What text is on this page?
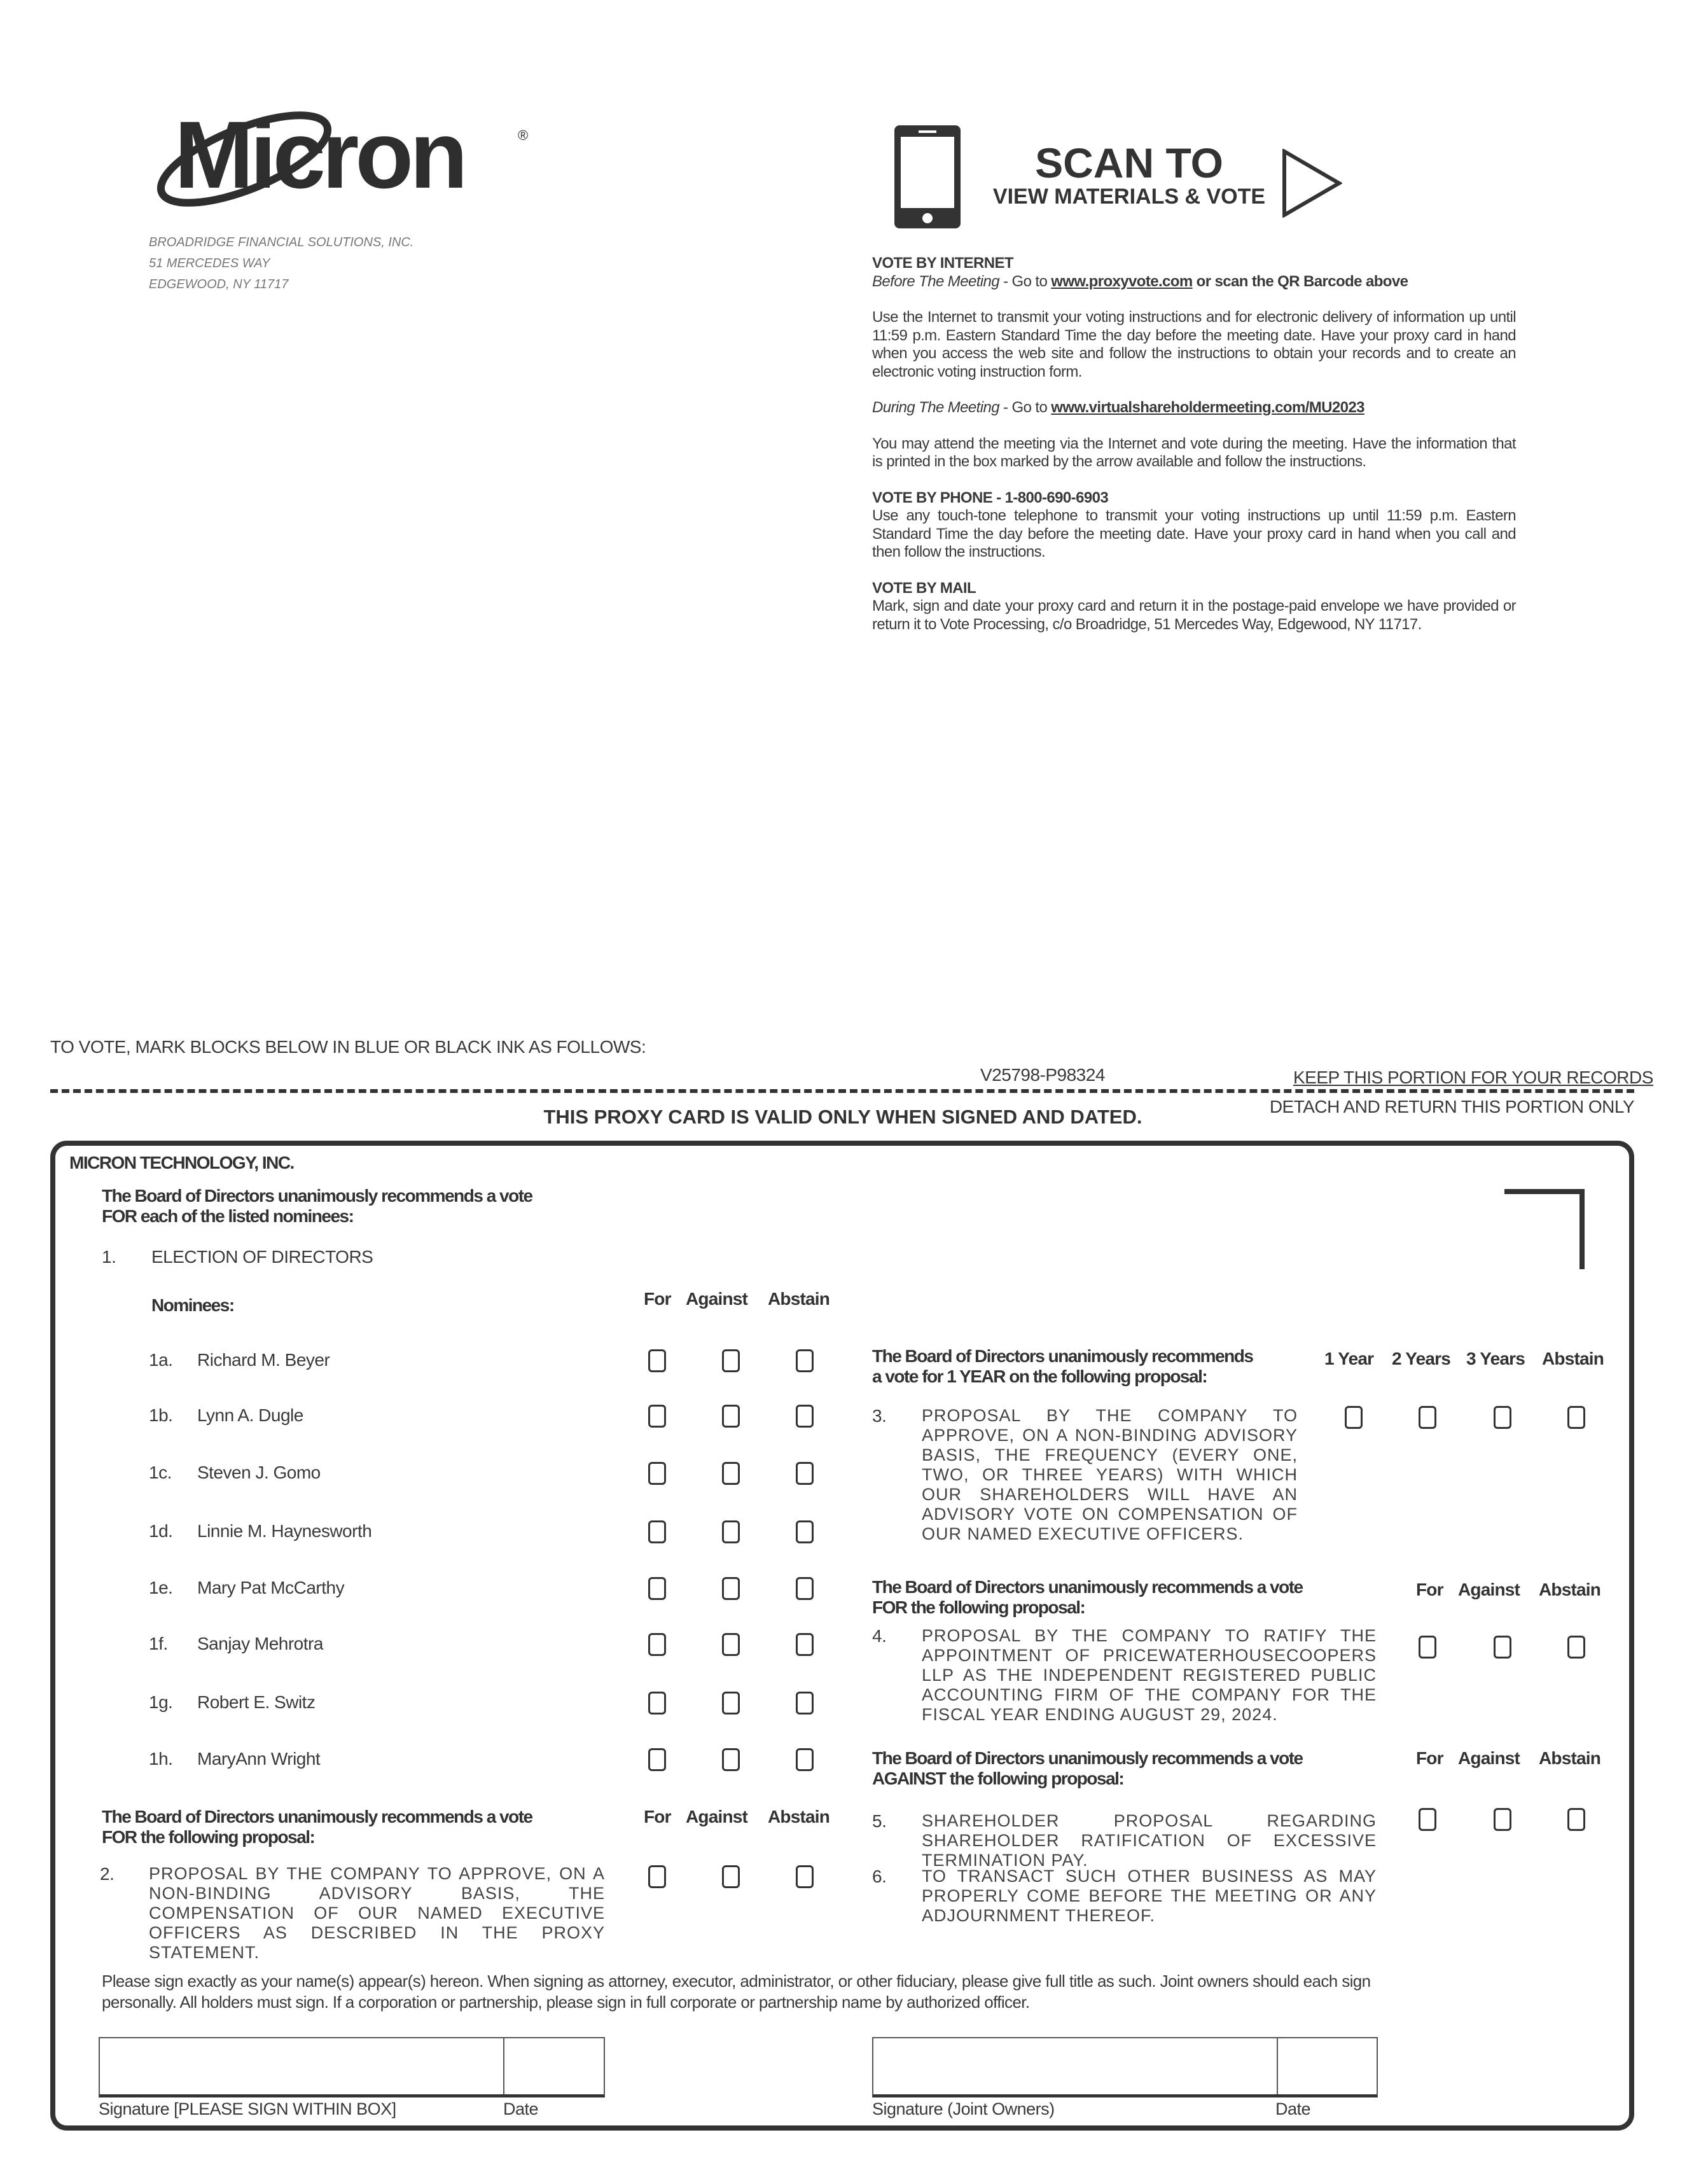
Micron	®
BROADRIDGE FINANCIAL SOLUTIONS, INC.
51 MERCEDES WAY
EDGEWOOD, NY 11717
SCAN TO
VIEW MATERIALS & VOTE
VOTE BY INTERNET

Before The Meeting - Go to www.proxyvote.com or scan the QR Barcode above

Use the Internet to transmit your voting instructions and for electronic delivery of information up until 11:59 p.m. Eastern Standard Time the day before the meeting date. Have your proxy card in hand when you access the web site and follow the instructions to obtain your records and to create an electronic voting instruction form.

During The Meeting - Go to www.virtualshareholdermeeting.com/MU2023

You may attend the meeting via the Internet and vote during the meeting. Have the information that is printed in the box marked by the arrow available and follow the instructions.

VOTE BY PHONE - 1-800-690-6903

Use any touch-tone telephone to transmit your voting instructions up until 11:59 p.m. Eastern Standard Time the day before the meeting date. Have your proxy card in hand when you call and then follow the instructions.

VOTE BY MAIL

Mark, sign and date your proxy card and return it in the postage-paid envelope we have provided or return it to Vote Processing, c/o Broadridge, 51 Mercedes Way, Edgewood, NY 11717.

TO VOTE, MARK BLOCKS BELOW IN BLUE OR BLACK INK AS FOLLOWS:
V25798-P98324	KEEP THIS PORTION FOR YOUR RECORDS
DETACH AND RETURN THIS PORTION ONLY
THIS PROXY CARD IS VALID ONLY WHEN SIGNED AND DATED.
MICRON TECHNOLOGY, INC.
The Board of Directors unanimously recommends a vote
FOR each of the listed nominees:
1. ELECTION OF DIRECTORS
Nominees:	For Against Abstain
1a. Richard M. Beyer
1b. Lynn A. Dugle
1c. Steven J. Gomo
1d. Linnie M. Haynesworth
1e. Mary Pat McCarthy
1f. Sanjay Mehrotra
1g. Robert E. Switz
1h. MaryAnn Wright
The Board of Directors unanimously recommends a vote
FOR the following proposal:
For Against Abstain
2. PROPOSAL BY THE COMPANY TO APPROVE, ON A NON-BINDING ADVISORY BASIS, THE COMPENSATION OF OUR NAMED EXECUTIVE OFFICERS AS DESCRIBED IN THE PROXY STATEMENT.
The Board of Directors unanimously recommends
a vote for 1 YEAR on the following proposal:
1 Year 2 Years 3 Years Abstain
3. PROPOSAL BY THE COMPANY TO APPROVE, ON A NON-BINDING ADVISORY BASIS, THE FREQUENCY (EVERY ONE, TWO, OR THREE YEARS) WITH WHICH OUR SHAREHOLDERS WILL HAVE AN ADVISORY VOTE ON COMPENSATION OF OUR NAMED EXECUTIVE OFFICERS.
The Board of Directors unanimously recommends a vote
FOR the following proposal:
For Against Abstain
4. PROPOSAL BY THE COMPANY TO RATIFY THE APPOINTMENT OF PRICEWATERHOUSECOOPERS LLP AS THE INDEPENDENT REGISTERED PUBLIC ACCOUNTING FIRM OF THE COMPANY FOR THE FISCAL YEAR ENDING AUGUST 29, 2024.
The Board of Directors unanimously recommends a vote
AGAINST the following proposal:
For Against Abstain
5. SHAREHOLDER PROPOSAL REGARDING SHAREHOLDER RATIFICATION OF EXCESSIVE TERMINATION PAY.
6. TO TRANSACT SUCH OTHER BUSINESS AS MAY PROPERLY COME BEFORE THE MEETING OR ANY ADJOURNMENT THEREOF.
Please sign exactly as your name(s) appear(s) hereon. When signing as attorney, executor, administrator, or other fiduciary, please give full title as such. Joint owners should each sign personally. All holders must sign. If a corporation or partnership, please sign in full corporate or partnership name by authorized officer.
Signature [PLEASE SIGN WITHIN BOX]	Date	Signature (Joint Owners)	Date
